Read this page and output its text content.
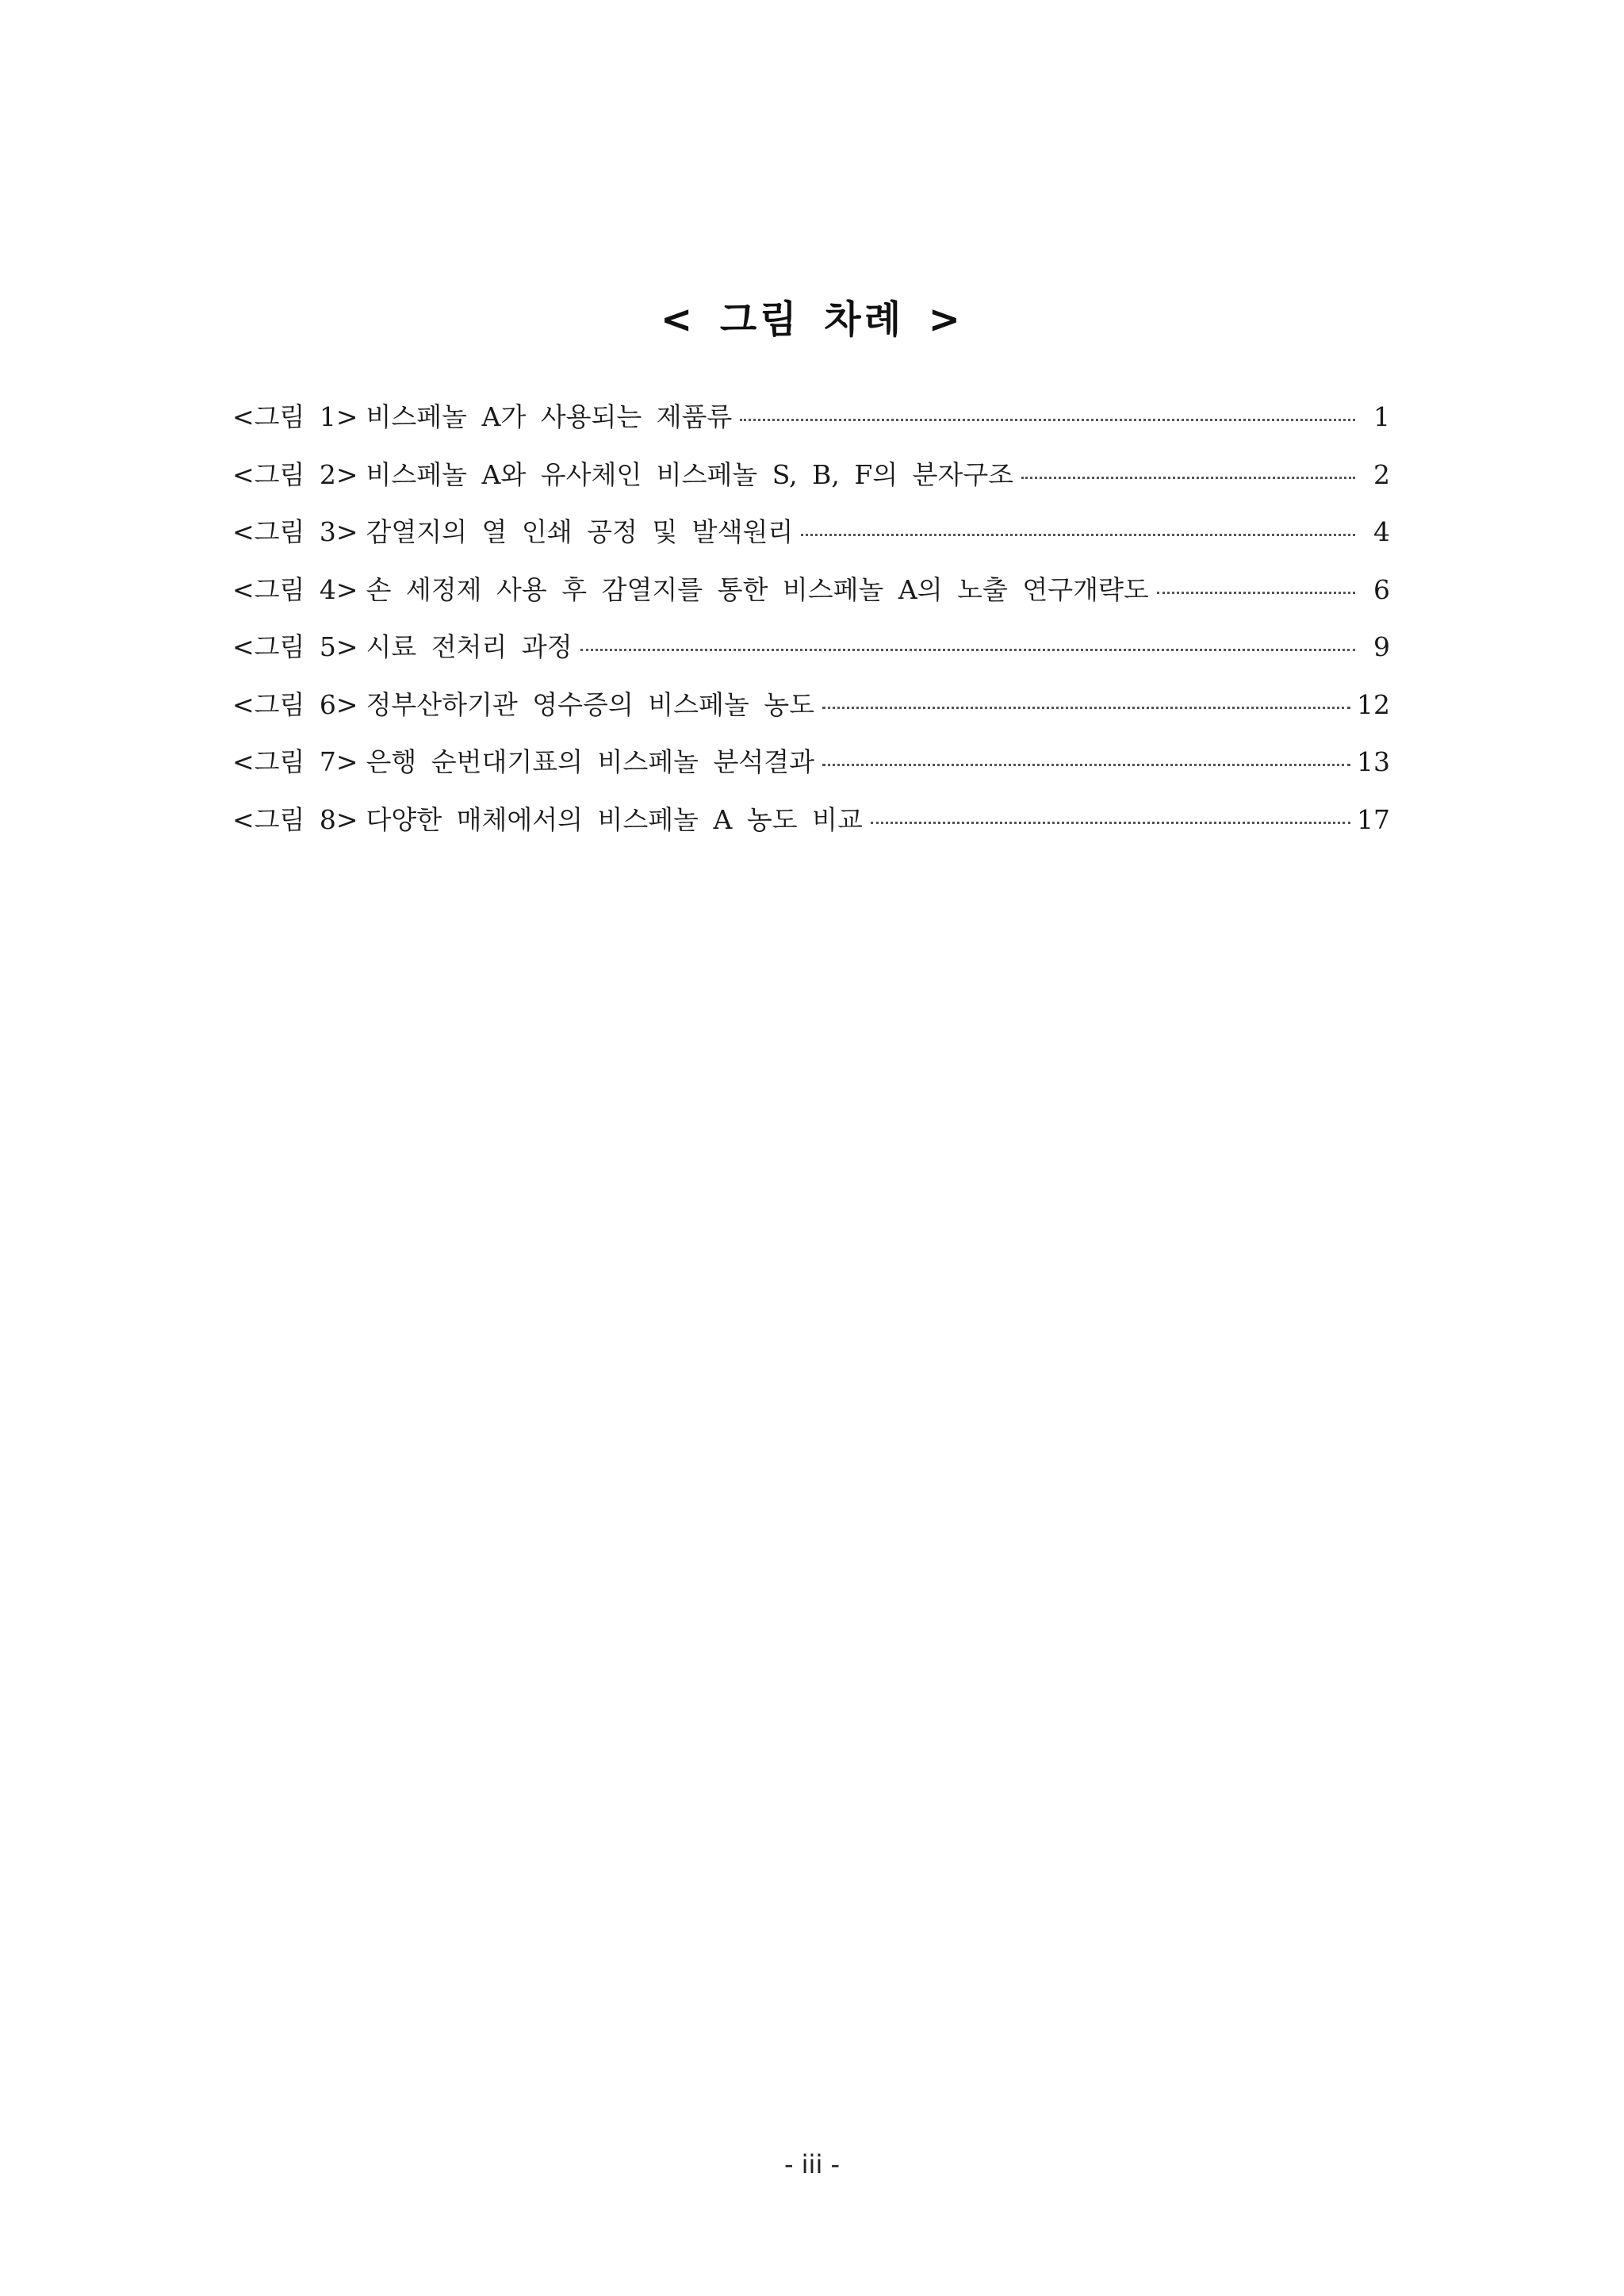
< 그림 차례 >
<그림 1> 비스페놀 A가 사용되는 제품류	1
<그림 2> 비스페놀 A와 유사체인 비스페놀 S, B, F의 분자구조	2
<그림 3> 감열지의 열 인쇄 공정 및 발색원리	4
<그림 4> 손 세정제 사용 후 감열지를 통한 비스페놀 A의 노출 연구개략도	6
<그림 5> 시료 전처리 과정	9
<그림 6> 정부산하기관 영수증의 비스페놀 농도	12
<그림 7> 은행 순번대기표의 비스페놀 분석결과	13
<그림 8> 다양한 매체에서의 비스페놀 A 농도 비교	17
- iii -
